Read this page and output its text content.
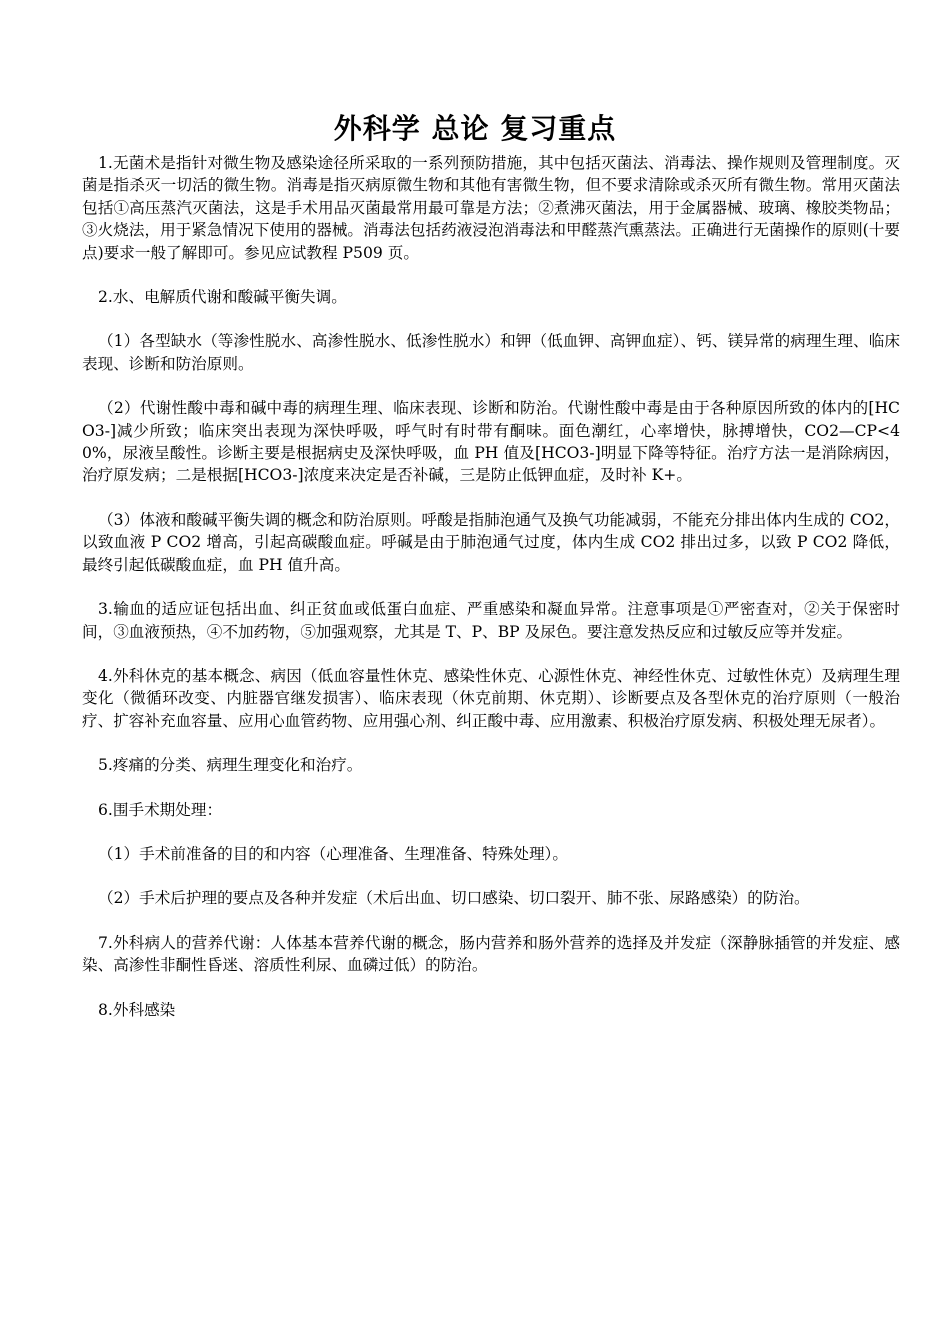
外科学 总论 复习重点

1.无菌术是指针对微生物及感染途径所采取的一系列预防措施，其中包括灭菌法、消毒法、操作规则及管理制度。灭菌是指杀灭一切活的微生物。消毒是指灭病原微生物和其他有害微生物，但不要求清除或杀灭所有微生物。常用灭菌法包括①高压蒸汽灭菌法，这是手术用品灭菌最常用最可靠是方法；②煮沸灭菌法，用于金属器械、玻璃、橡胶类物品；③火烧法，用于紧急情况下使用的器械。消毒法包括药液浸泡消毒法和甲醛蒸汽熏蒸法。正确进行无菌操作的原则(十要点)要求一般了解即可。参见应试教程 P509 页。

2.水、电解质代谢和酸碱平衡失调。

（1）各型缺水（等渗性脱水、高渗性脱水、低渗性脱水）和钾（低血钾、高钾血症）、钙、镁异常的病理生理、临床表现、诊断和防治原则。

（2）代谢性酸中毒和碱中毒的病理生理、临床表现、诊断和防治。代谢性酸中毒是由于各种原因所致的体内的[HCO3-]减少所致；临床突出表现为深快呼吸，呼气时有时带有酮味。面色潮红，心率增快，脉搏增快，CO2—CP<40%，尿液呈酸性。诊断主要是根据病史及深快呼吸，血 PH 值及[HCO3-]明显下降等特征。治疗方法一是消除病因，治疗原发病；二是根据[HCO3-]浓度来决定是否补碱，三是防止低钾血症，及时补 K+。

（3）体液和酸碱平衡失调的概念和防治原则。呼酸是指肺泡通气及换气功能减弱，不能充分排出体内生成的 CO2，以致血液 P CO2 增高，引起高碳酸血症。呼碱是由于肺泡通气过度，体内生成 CO2 排出过多，以致 P CO2 降低，最终引起低碳酸血症，血 PH 值升高。

3.输血的适应证包括出血、纠正贫血或低蛋白血症、严重感染和凝血异常。注意事项是①严密查对，②关于保密时间，③血液预热，④不加药物，⑤加强观察，尤其是 T、P、BP 及尿色。要注意发热反应和过敏反应等并发症。

4.外科休克的基本概念、病因（低血容量性休克、感染性休克、心源性休克、神经性休克、过敏性休克）及病理生理变化（微循环改变、内脏器官继发损害）、临床表现（休克前期、休克期）、诊断要点及各型休克的治疗原则（一般治疗、扩容补充血容量、应用心血管药物、应用强心剂、纠正酸中毒、应用激素、积极治疗原发病、积极处理无尿者）。

5.疼痛的分类、病理生理变化和治疗。

6.围手术期处理：

（1）手术前准备的目的和内容（心理准备、生理准备、特殊处理）。

（2）手术后护理的要点及各种并发症（术后出血、切口感染、切口裂开、肺不张、尿路感染）的防治。

7.外科病人的营养代谢：人体基本营养代谢的概念，肠内营养和肠外营养的选择及并发症（深静脉插管的并发症、感染、高渗性非酮性昏迷、溶质性利尿、血磷过低）的防治。

8.外科感染
